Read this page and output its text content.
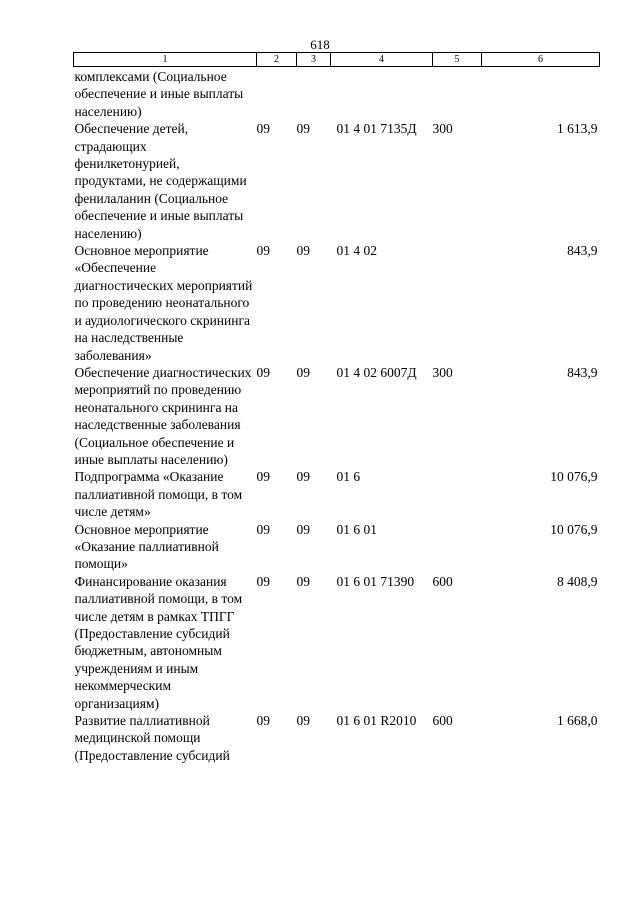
618
1	2	3	4	5	6
комплексами (Социальное обеспечение и иные выплаты населению)					
Обеспечение детей, страдающих фенилкетонурией, продуктами, не содержащими фенилаланин (Социальное обеспечение и иные выплаты населению)	09	09	01 4 01 7135Д	300	1 613,9
Основное мероприятие «Обеспечение диагностических мероприятий по проведению неонатального и аудиологического скрининга на наследственные заболевания»	09	09	01 4 02		843,9
Обеспечение диагностических мероприятий по проведению неонатального скрининга на наследственные заболевания (Социальное обеспечение и иные выплаты населению)	09	09	01 4 02 6007Д	300	843,9
Подпрограмма «Оказание паллиативной помощи, в том числе детям»	09	09	01 6		10 076,9
Основное мероприятие «Оказание паллиативной помощи»	09	09	01 6 01		10 076,9
Финансирование оказания паллиативной помощи, в том числе детям в рамках ТПГГ (Предоставление субсидий бюджетным, автономным учреждениям и иным некоммерческим организациям)	09	09	01 6 01 71390	600	8 408,9
Развитие паллиативной медицинской помощи (Предоставление субсидий	09	09	01 6 01 R2010	600	1 668,0
